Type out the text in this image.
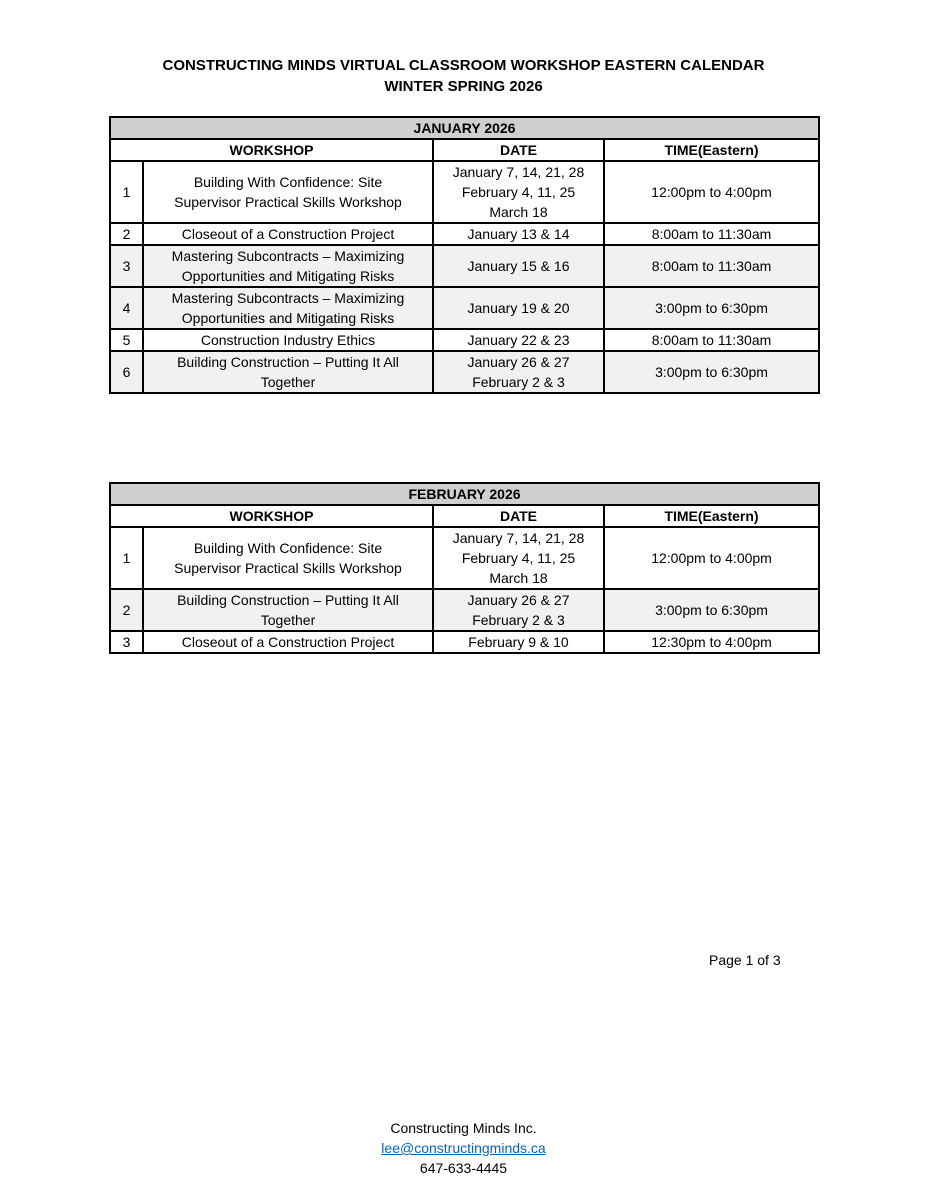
CONSTRUCTING MINDS VIRTUAL CLASSROOM WORKSHOP EASTERN CALENDAR
WINTER SPRING 2026
JANUARY 2026			
WORKSHOP		DATE	TIME(Eastern)
1	Building With Confidence: Site
Supervisor Practical Skills Workshop	January 7, 14, 21, 28
February 4, 11, 25
March 18	12:00pm to 4:00pm
2	Closeout of a Construction Project	January 13 & 14	8:00am to 11:30am
3	Mastering Subcontracts – Maximizing
Opportunities and Mitigating Risks	January 15 & 16	8:00am to 11:30am
4	Mastering Subcontracts – Maximizing
Opportunities and Mitigating Risks	January 19 & 20	3:00pm to 6:30pm
5	Construction Industry Ethics	January 22 & 23	8:00am to 11:30am
6	Building Construction – Putting It All
Together	January 26 & 27
February 2 & 3	3:00pm to 6:30pm
FEBRUARY 2026			
WORKSHOP		DATE	TIME(Eastern)
1	Building With Confidence: Site
Supervisor Practical Skills Workshop	January 7, 14, 21, 28
February 4, 11, 25
March 18	12:00pm to 4:00pm
2	Building Construction – Putting It All
Together	January 26 & 27
February 2 & 3	3:00pm to 6:30pm
3	Closeout of a Construction Project	February 9 & 10	12:30pm to 4:00pm
Page 1 of 3
Constructing Minds Inc.
lee@constructingminds.ca
647-633-4445
